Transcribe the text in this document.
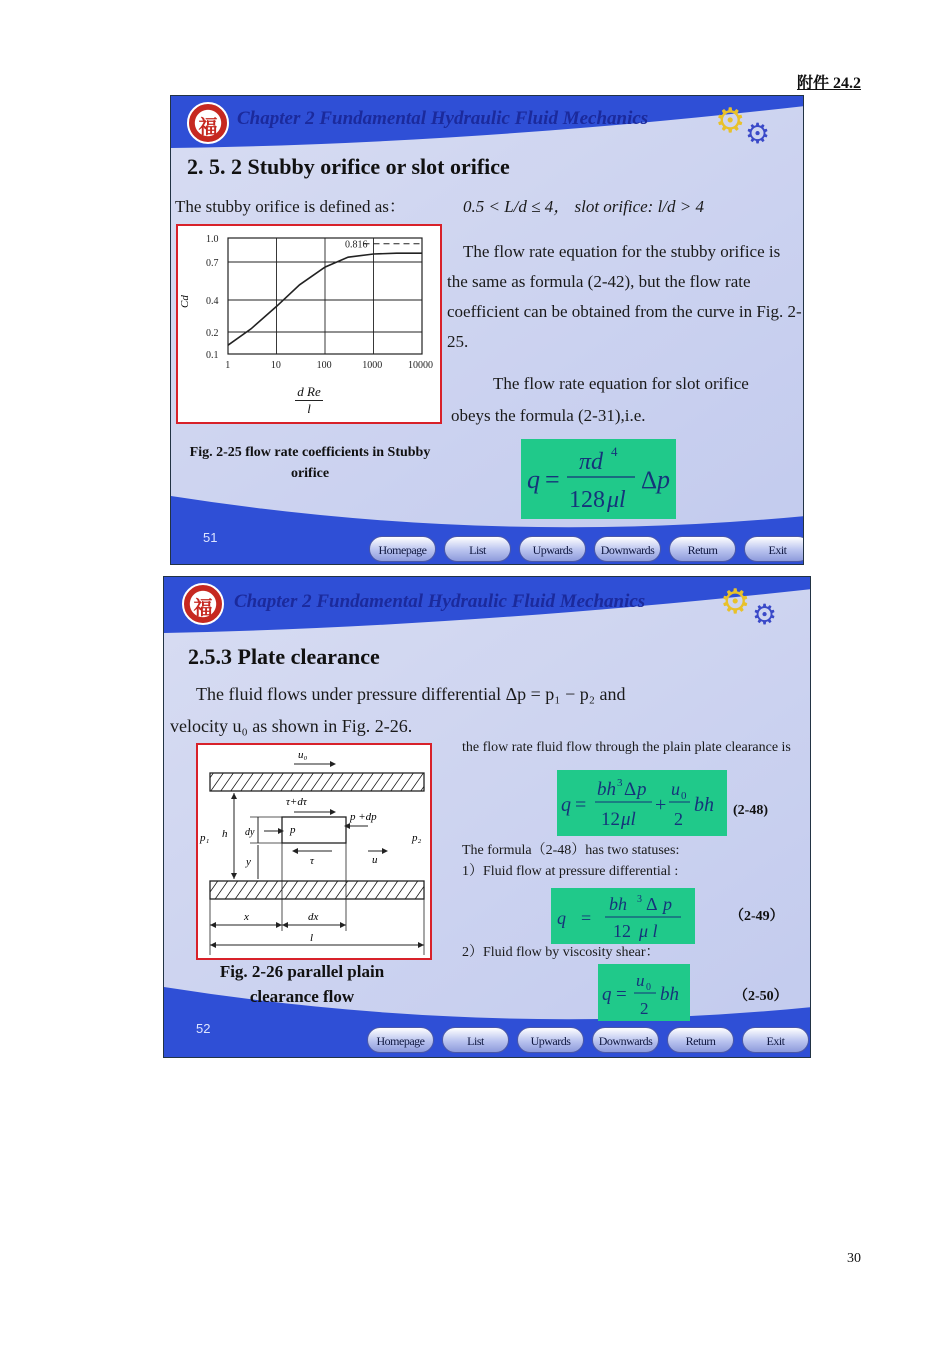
附件 24.2
福	Chapter 2 Fundamental Hydraulic Fluid Mechanics ⚙ ⚙
2. 5. 2 Stubby orifice or slot orifice
The stubby orifice is defined as：	0.5 < L/d ≤ 4， slot orifice: l/d > 4
1	10	100	1000	10000
1.0
0.7
0.4
0.2
0.1
0.816
Cd
$\frac{\text{d Re}}{l}$
The flow rate equation for the stubby orifice is the same as formula (2-42), but the flow rate coefficient can be obtained from the curve in Fig. 2-25.
The flow rate equation for slot orifice obeys the formula (2-31),i.e.
Fig. 2-25 flow rate coefficients in Stubby orifice	q =
πd 4
128 μl
Δ p
51
Homepage	List	Upwards	Downwards	Return	Exit
福	Chapter 2 Fundamental Hydraulic Fluid Mechanics ⚙ ⚙
2.5.3 Plate clearance
The fluid flows under pressure differential Δp = p₁ − p₂ and
velocity u₀ as shown in Fig. 2-26.
u₀
τ+dτ
p +dp
p
τ	u
p₁	p₂
h dy
y
x	dx
l
Fig. 2-26 parallel plain clearance flow
the flow rate fluid flow through the plain plate clearance is
q =
bh 3 Δ p
12 μl
+
u 0
2
bh (2-48)
The formula（2-48）has two statuses:
1）Fluid flow at pressure differential :
q =
bh 3 Δ p
12 μ l
（2-49）
2）Fluid flow by viscosity shear：
q =
u 0
2
bh	（2-50）
52
Homepage	List	Upwards	Downwards	Return	Exit
30
